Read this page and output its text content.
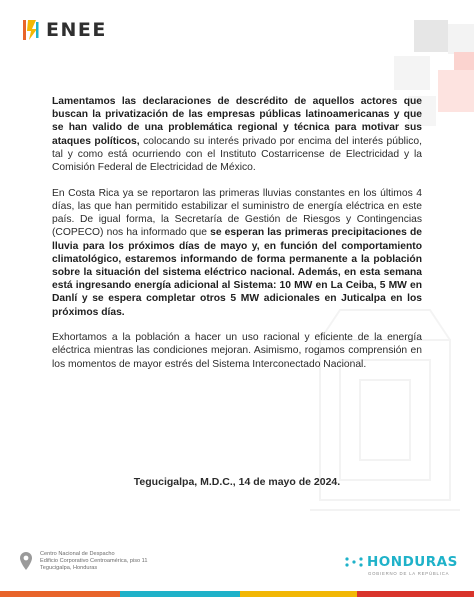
ENEE

Lamentamos las declaraciones de descrédito de aquellos actores que buscan la privatización de las empresas públicas latinoamericanas y que se han valido de una problemática regional y técnica para motivar sus ataques políticos, colocando su interés privado por encima del interés público, tal y como está ocurriendo con el Instituto Costarricense de Electricidad y la Comisión Federal de Electricidad de México.

En Costa Rica ya se reportaron las primeras lluvias constantes en los últimos 4 días, las que han permitido estabilizar el suministro de energía eléctrica en este país. De igual forma, la Secretaría de Gestión de Riesgos y Contingencias (COPECO) nos ha informado que se esperan las primeras precipitaciones de lluvia para los próximos días de mayo y, en función del comportamiento climatológico, estaremos informando de forma permanente a la población sobre la situación del sistema eléctrico nacional. Además, en esta semana está ingresando energía adicional al Sistema: 10 MW en La Ceiba, 5 MW en Danlí y se espera completar otros 5 MW adicionales en Juticalpa en los próximos días.

Exhortamos a la población a hacer un uso racional y eficiente de la energía eléctrica mientras las condiciones mejoran. Asimismo, rogamos comprensión en los momentos de mayor estrés del Sistema Interconectado Nacional.

Tegucigalpa, M.D.C., 14 de mayo de 2024.
Centro Nacional de Despacho
Edificio Corporativo Centroamérica, piso 11
Tegucigalpa, Honduras	HONDURAS
GOBIERNO DE LA REPÚBLICA
